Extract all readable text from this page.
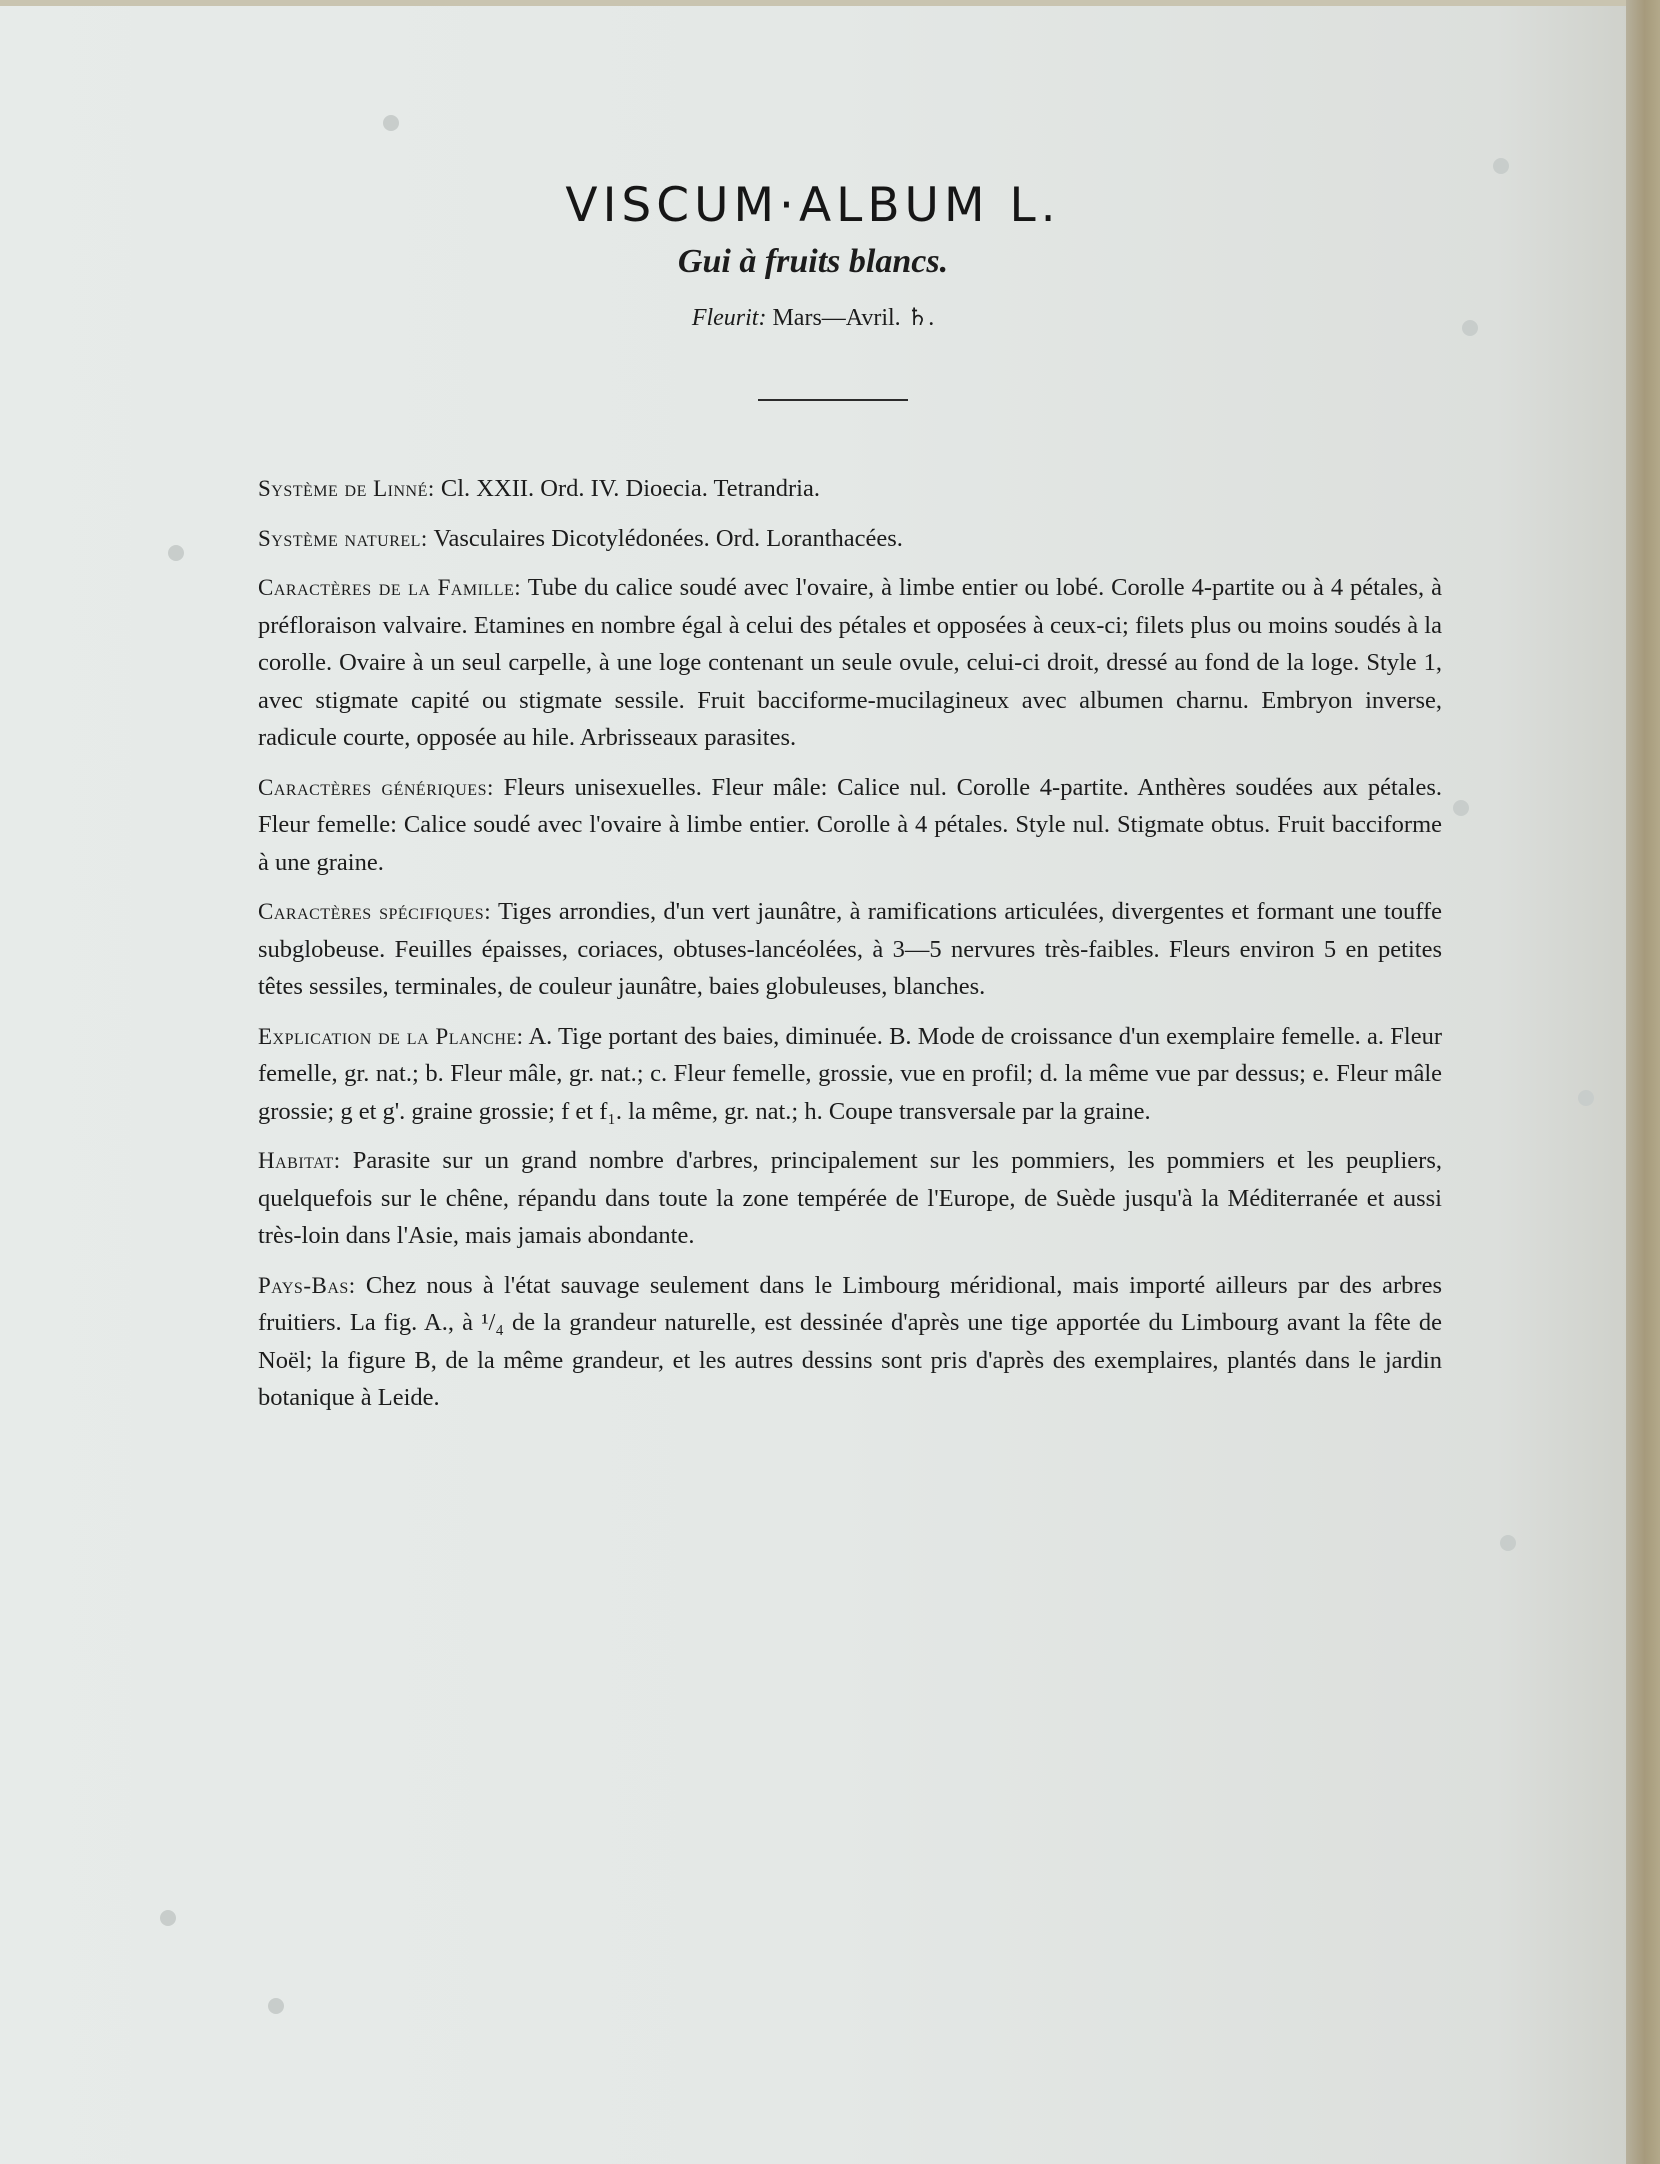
VISCUM·ALBUM L.
Gui à fruits blancs.
Fleurit: Mars—Avril. ♄.

Système de Linné: Cl. XXII. Ord. IV. Dioecia. Tetrandria.

Système naturel: Vasculaires Dicotylédonées. Ord. Loranthacées.

Caractères de la Famille: Tube du calice soudé avec l'ovaire, à limbe entier ou lobé. Corolle 4-partite ou à 4 pétales, à préfloraison valvaire. Etamines en nombre égal à celui des pétales et opposées à ceux-ci; filets plus ou moins soudés à la corolle. Ovaire à un seul carpelle, à une loge contenant un seule ovule, celui-ci droit, dressé au fond de la loge. Style 1, avec stigmate capité ou stigmate sessile. Fruit bacciforme-mucilagineux avec albumen charnu. Embryon inverse, radicule courte, opposée au hile. Arbrisseaux parasites.

Caractères génériques: Fleurs unisexuelles. Fleur mâle: Calice nul. Corolle 4-partite. Anthères soudées aux pétales. Fleur femelle: Calice soudé avec l'ovaire à limbe entier. Corolle à 4 pétales. Style nul. Stigmate obtus. Fruit bacciforme à une graine.

Caractères spécifiques: Tiges arrondies, d'un vert jaunâtre, à ramifications articulées, divergentes et formant une touffe subglobeuse. Feuilles épaisses, coriaces, obtuses-lancéolées, à 3—5 nervures très-faibles. Fleurs environ 5 en petites têtes sessiles, terminales, de couleur jaunâtre, baies globuleuses, blanches.

Explication de la Planche: A. Tige portant des baies, diminuée. B. Mode de croissance d'un exemplaire femelle. a. Fleur femelle, gr. nat.; b. Fleur mâle, gr. nat.; c. Fleur femelle, grossie, vue en profil; d. la même vue par dessus; e. Fleur mâle grossie; g et g'. graine grossie; f et f₁. la même, gr. nat.; h. Coupe transversale par la graine.

Habitat: Parasite sur un grand nombre d'arbres, principalement sur les pommiers, les pommiers et les peupliers, quelquefois sur le chêne, répandu dans toute la zone tempérée de l'Europe, de Suède jusqu'à la Méditerranée et aussi très-loin dans l'Asie, mais jamais abondante.

Pays-Bas: Chez nous à l'état sauvage seulement dans le Limbourg méridional, mais importé ailleurs par des arbres fruitiers. La fig. A., à ¹/₄ de la grandeur naturelle, est dessinée d'après une tige apportée du Limbourg avant la fête de Noël; la figure B, de la même grandeur, et les autres dessins sont pris d'après des exemplaires, plantés dans le jardin botanique à Leide.
